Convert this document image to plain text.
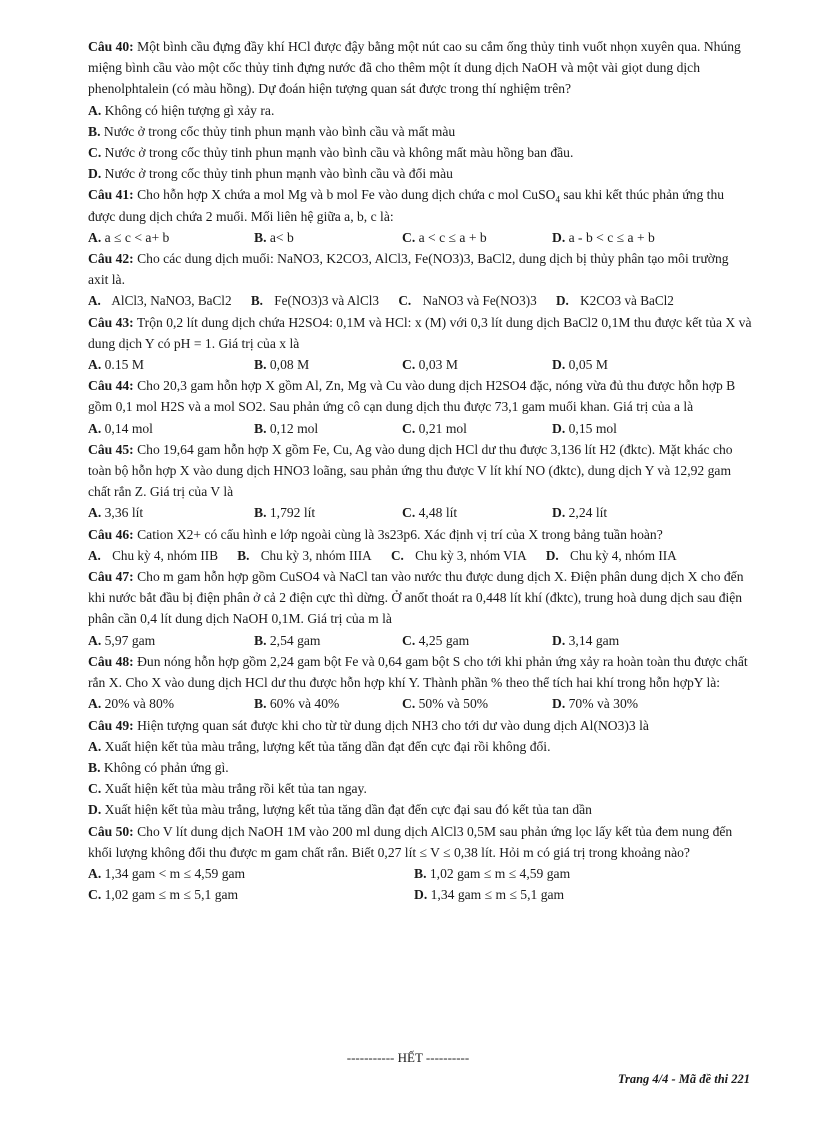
Câu 40: Một bình cầu đựng đầy khí HCl được đậy bằng một nút cao su cắm ống thủy tinh vuốt nhọn xuyên qua. Nhúng miệng bình cầu vào một cốc thủy tinh đựng nước đã cho thêm một ít dung dịch NaOH và một vài giọt dung dịch phenolphtalein (có màu hồng). Dự đoán hiện tượng quan sát được trong thí nghiệm trên?

A. Không có hiện tượng gì xảy ra.

B. Nước ở trong cốc thủy tinh phun mạnh vào bình cầu và mất màu

C. Nước ở trong cốc thủy tinh phun mạnh vào bình cầu và không mất màu hồng ban đầu.

D. Nước ở trong cốc thủy tinh phun mạnh vào bình cầu và đổi màu

Câu 41: Cho hỗn hợp X chứa a mol Mg và b mol Fe vào dung dịch chứa c mol CuSO$_4$ sau khi kết thúc phản ứng thu được dung dịch chứa 2 muối. Mối liên hệ giữa a, b, c là:

A. a ≤ c < a+ b	B. a< b	C. a < c ≤ a + b	D. a - b < c ≤ a + b

Câu 42: Cho các dung dịch muối: NaNO3, K2CO3, AlCl3, Fe(NO3)3, BaCl2, dung dịch bị thủy phân tạo môi trường axit là.

A. AlCl3, NaNO3, BaCl2 B. Fe(NO3)3 và AlCl3 C. NaNO3 và Fe(NO3)3 D. K2CO3 và BaCl2

Câu 43: Trộn 0,2 lít dung dịch chứa H2SO4: 0,1M và HCl: x (M) với 0,3 lít dung dịch BaCl2 0,1M thu được kết tủa X và dung dịch Y có pH = 1. Giá trị của x là

A. 0.15 M	B. 0,08 M	C. 0,03 M	D. 0,05 M

Câu 44: Cho 20,3 gam hỗn hợp X gồm Al, Zn, Mg và Cu vào dung dịch H2SO4 đặc, nóng vừa đủ thu được hỗn hợp B gồm 0,1 mol H2S và a mol SO2. Sau phản ứng cô cạn dung dịch thu được 73,1 gam muối khan. Giá trị của a là

A. 0,14 mol	B. 0,12 mol	C. 0,21 mol	D. 0,15 mol

Câu 45: Cho 19,64 gam hỗn hợp X gồm Fe, Cu, Ag vào dung dịch HCl dư thu được 3,136 lít H2 (đktc). Mặt khác cho toàn bộ hỗn hợp X vào dung dịch HNO3 loãng, sau phản ứng thu được V lít khí NO (đktc), dung dịch Y và 12,92 gam chất rắn Z. Giá trị của V là

A. 3,36 lít	B. 1,792 lít	C. 4,48 lít	D. 2,24 lít

Câu 46: Cation X2+ có cấu hình e lớp ngoài cùng là 3s23p6. Xác định vị trí của X trong bảng tuần hoàn?

A. Chu kỳ 4, nhóm IIB B. Chu kỳ 3, nhóm IIIA C. Chu kỳ 3, nhóm VIA D. Chu kỳ 4, nhóm IIA

Câu 47: Cho m gam hỗn hợp gồm CuSO4 và NaCl tan vào nước thu được dung dịch X. Điện phân dung dịch X cho đến khi nước bắt đầu bị điện phân ở cả 2 điện cực thì dừng. Ở anốt thoát ra 0,448 lít khí (đktc), trung hoà dung dịch sau điện phân cần 0,4 lít dung dịch NaOH 0,1M. Giá trị của m là

A. 5,97 gam	B. 2,54 gam	C. 4,25 gam	D. 3,14 gam

Câu 48: Đun nóng hỗn hợp gồm 2,24 gam bột Fe và 0,64 gam bột S cho tới khi phản ứng xảy ra hoàn toàn thu được chất rắn X. Cho X vào dung dịch HCl dư thu được hỗn hợp khí Y. Thành phần % theo thể tích hai khí trong hỗn hợpY là:

A. 20% và 80%	B. 60% và 40%	C. 50% và 50%	D. 70% và 30%

Câu 49: Hiện tượng quan sát được khi cho từ từ dung dịch NH3 cho tới dư vào dung dịch Al(NO3)3 là

A. Xuất hiện kết tủa màu trắng, lượng kết tủa tăng dần đạt đến cực đại rồi không đổi.

B. Không có phản ứng gì.

C. Xuất hiện kết tủa màu trắng rồi kết tủa tan ngay.

D. Xuất hiện kết tủa màu trắng, lượng kết tủa tăng dần đạt đến cực đại sau đó kết tủa tan dần

Câu 50: Cho V lít dung dịch NaOH 1M vào 200 ml dung dịch AlCl3 0,5M sau phản ứng lọc lấy kết tủa đem nung đến khối lượng không đổi thu được m gam chất rắn. Biết 0,27 lít ≤ V ≤ 0,38 lít. Hỏi m có giá trị trong khoảng nào?

A. 1,34 gam < m ≤ 4,59 gam	B. 1,02 gam ≤ m ≤ 4,59 gam
C. 1,02 gam ≤ m ≤ 5,1 gam	D. 1,34 gam ≤ m ≤ 5,1 gam
----------- HẾT ----------
Trang 4/4 - Mã đề thi 221
